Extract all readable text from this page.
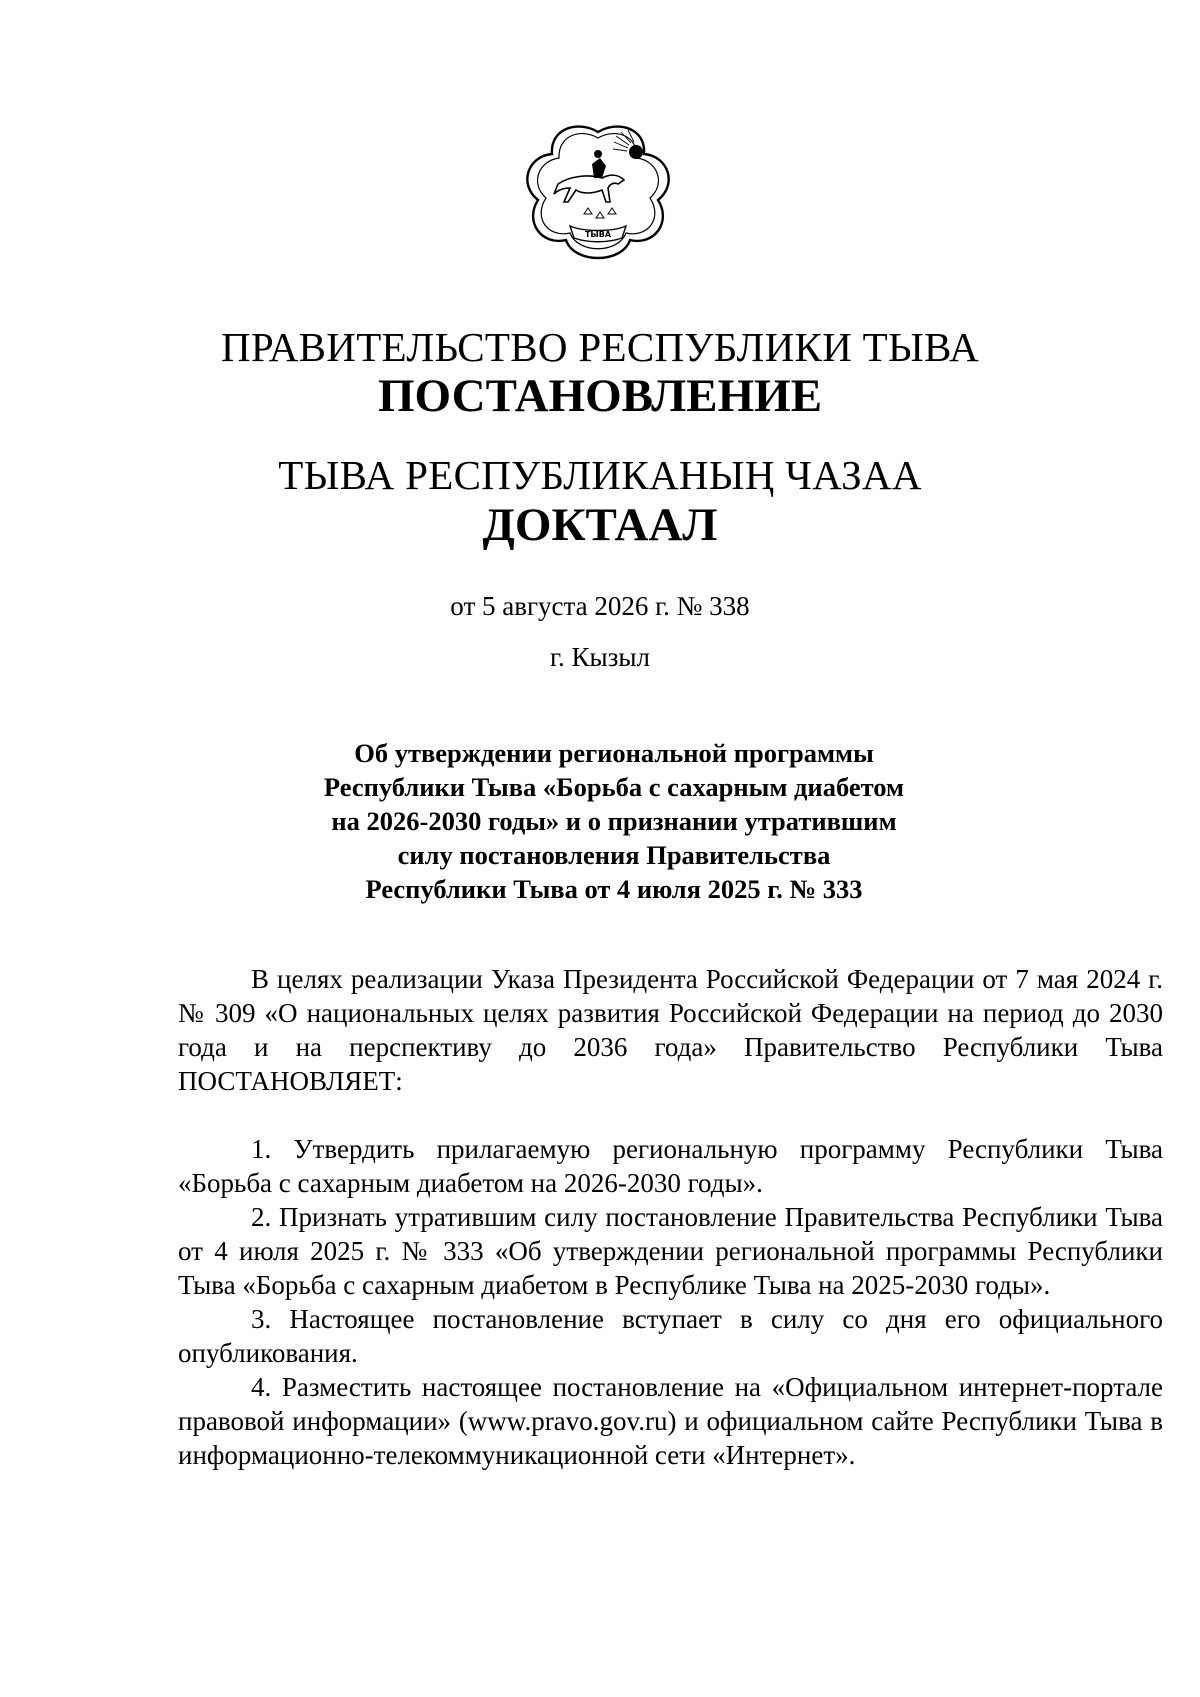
ТЫВА
ПРАВИТЕЛЬСТВО РЕСПУБЛИКИ ТЫВА
ПОСТАНОВЛЕНИЕ
ТЫВА РЕСПУБЛИКАНЫҢ ЧАЗАА
ДОКТААЛ
от 5 августа 2026 г. № 338
г. Кызыл
Об утверждении региональной программы
Республики Тыва «Борьба с сахарным диабетом
на 2026-2030 годы» и о признании утратившим
силу постановления Правительства
Республики Тыва от 4 июля 2025 г. № 333

В целях реализации Указа Президента Российской Федерации от 7 мая 2024 г. № 309 «О национальных целях развития Российской Федерации на период до 2030 года и на перспективу до 2036 года» Правительство Республики Тыва ПОСТАНОВЛЯЕТ:

1. Утвердить прилагаемую региональную программу Республики Тыва «Борьба с сахарным диабетом на 2026-2030 годы».

2. Признать утратившим силу постановление Правительства Республики Тыва от 4 июля 2025 г. № 333 «Об утверждении региональной программы Республики Тыва «Борьба с сахарным диабетом в Республике Тыва на 2025-2030 годы».

3. Настоящее постановление вступает в силу со дня его официального опубликования.

4. Разместить настоящее постановление на «Официальном интернет-портале правовой информации» (www.pravo.gov.ru) и официальном сайте Республики Тыва в информационно-телекоммуникационной сети «Интернет».
